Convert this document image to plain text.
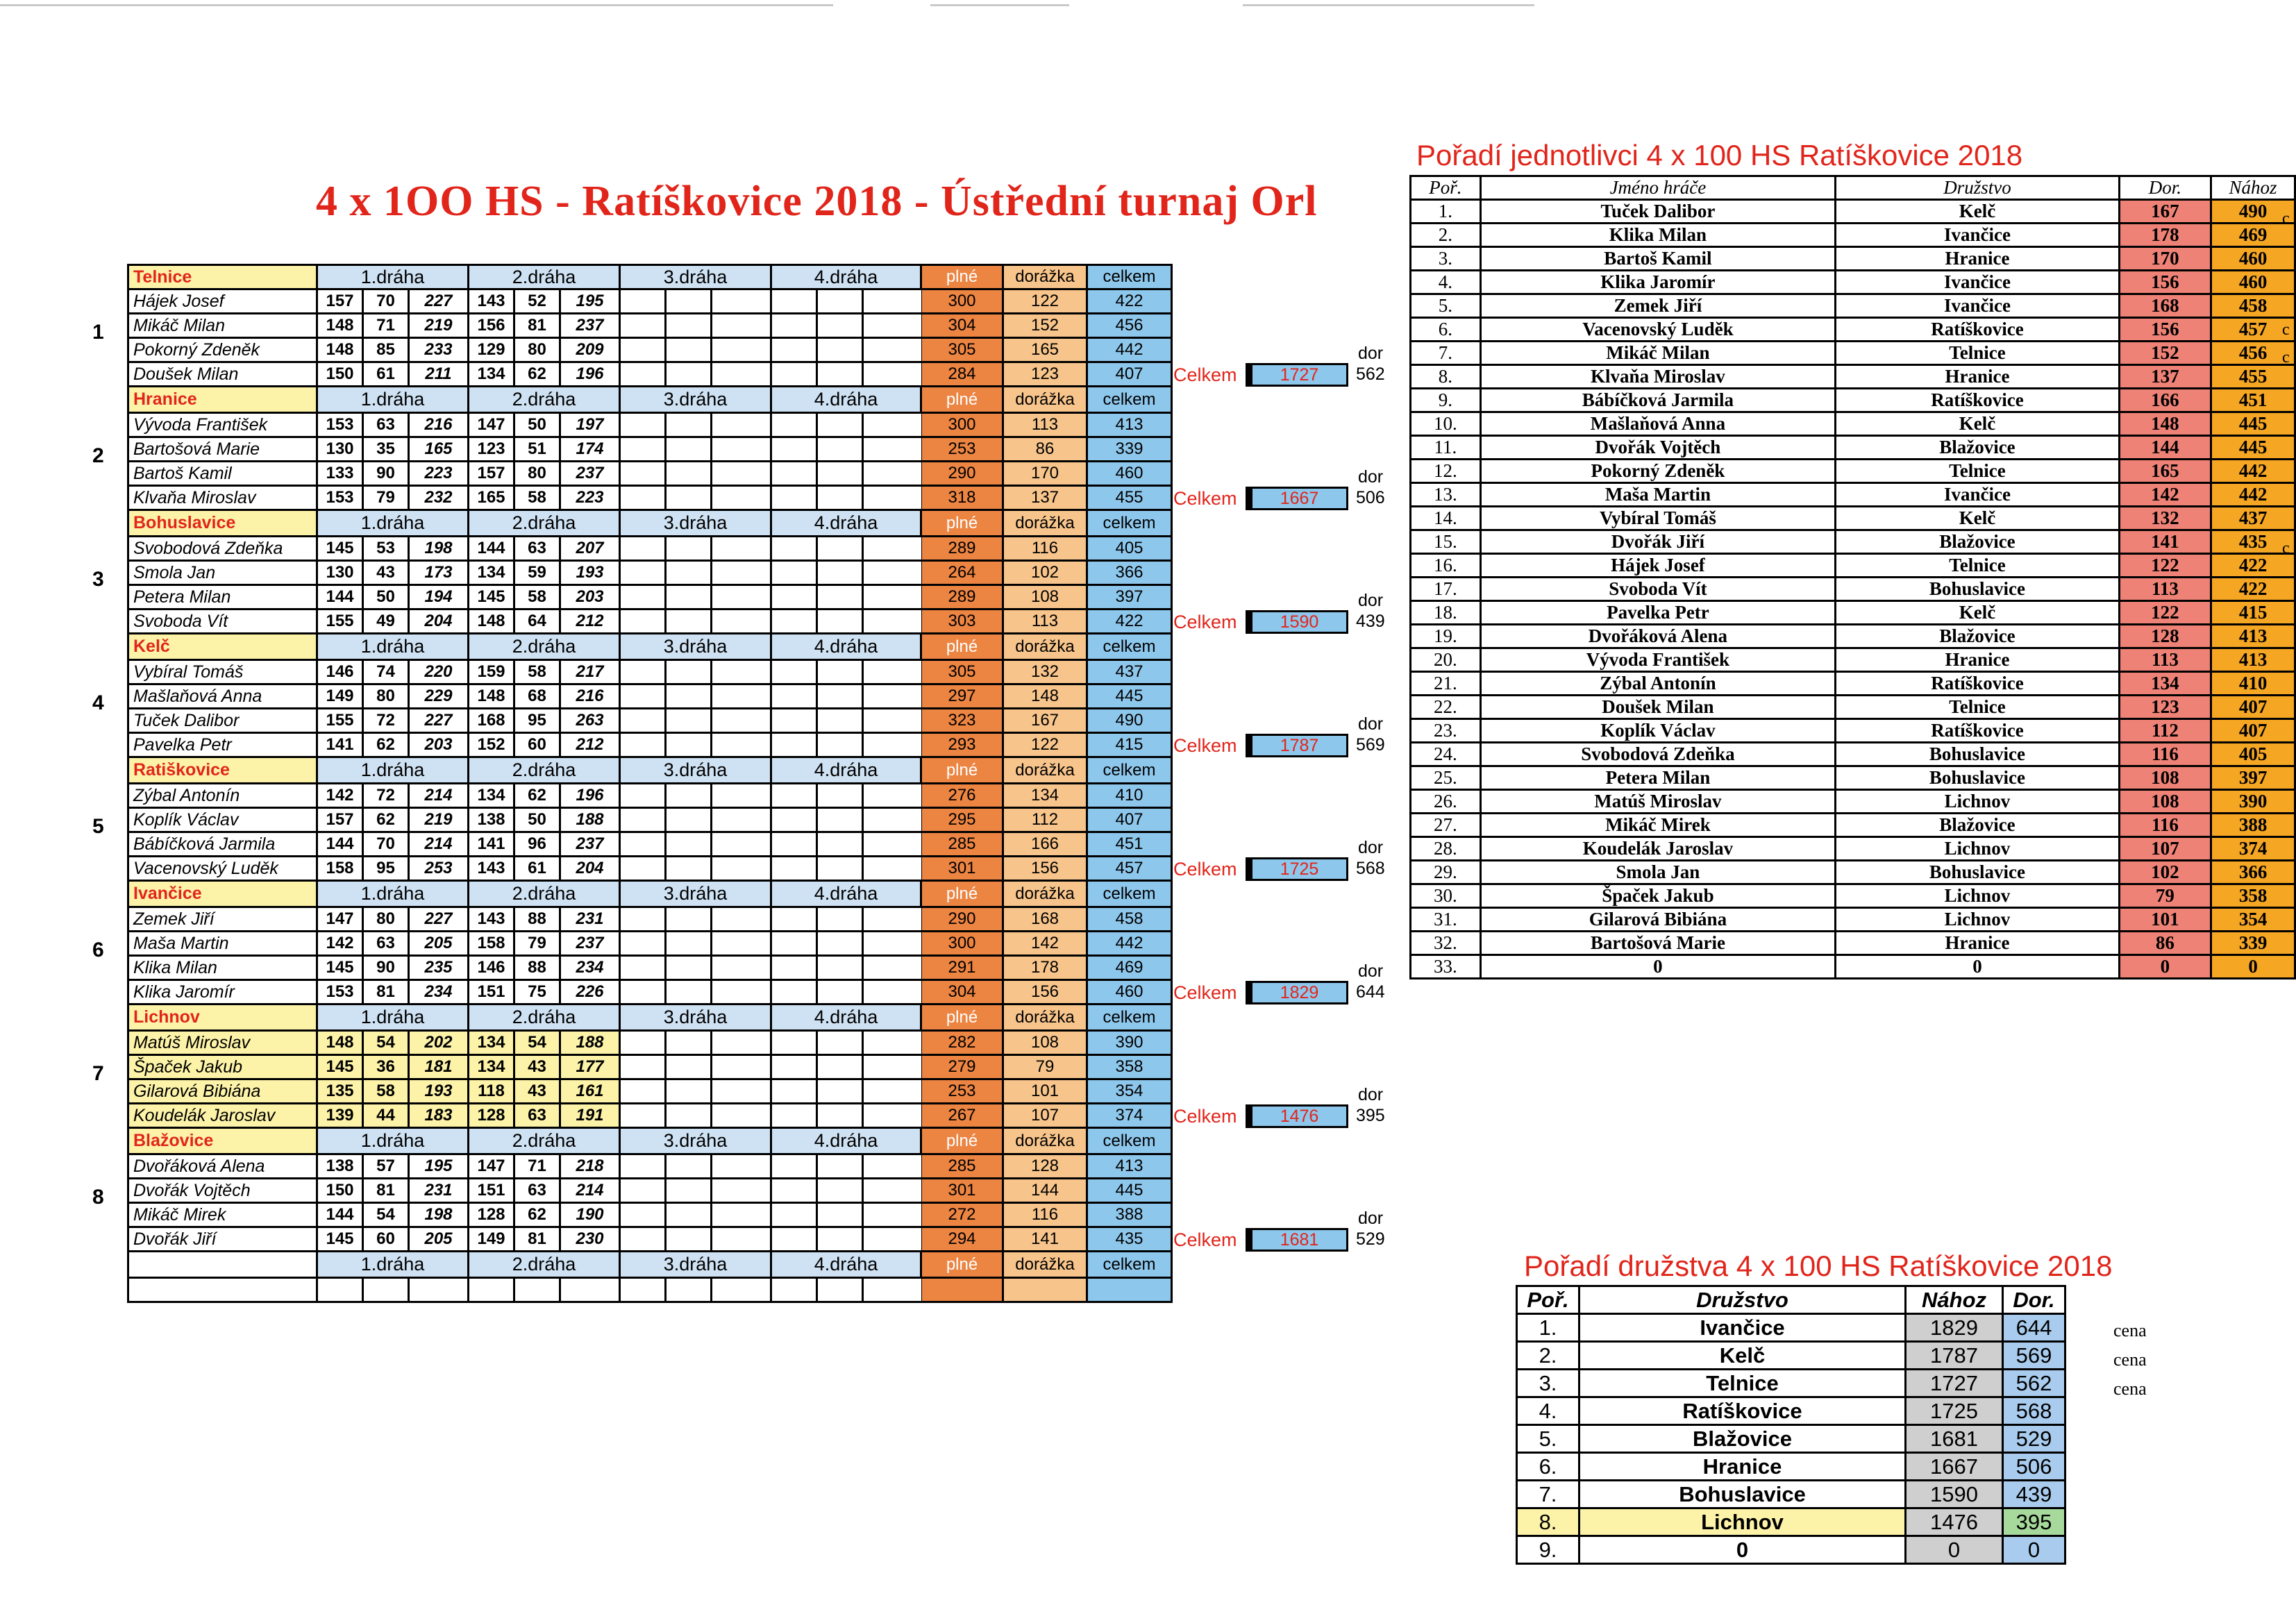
4 x 1OO HS - Ratíškovice 2018 - Ústřední turnaj Orl
Telnice	1.dráha	2.dráha	3.dráha	4.dráha	plné	dorážka	celkem
Hájek Josef	157	70	227	143	52	195	300	122	422
Mikáč Milan	148	71	219	156	81	237	304	152	456
Pokorný Zdeněk	148	85	233	129	80	209	305	165	442
Doušek Milan	150	61	211	134	62	196	284	123	407
Hranice	1.dráha	2.dráha	3.dráha	4.dráha	plné	dorážka	celkem
Vývoda František	153	63	216	147	50	197	300	113	413
Bartošová Marie	130	35	165	123	51	174	253	86	339
Bartoš Kamil	133	90	223	157	80	237	290	170	460
Klvaňa Miroslav	153	79	232	165	58	223	318	137	455
Bohuslavice	1.dráha	2.dráha	3.dráha	4.dráha	plné	dorážka	celkem
Svobodová Zdeňka	145	53	198	144	63	207	289	116	405
Smola Jan	130	43	173	134	59	193	264	102	366
Petera Milan	144	50	194	145	58	203	289	108	397
Svoboda Vít	155	49	204	148	64	212	303	113	422
Kelč	1.dráha	2.dráha	3.dráha	4.dráha	plné	dorážka	celkem
Vybíral Tomáš	146	74	220	159	58	217	305	132	437
Mašlaňová Anna	149	80	229	148	68	216	297	148	445
Tuček Dalibor	155	72	227	168	95	263	323	167	490
Pavelka Petr	141	62	203	152	60	212	293	122	415
Ratiškovice	1.dráha	2.dráha	3.dráha	4.dráha	plné	dorážka	celkem
Zýbal Antonín	142	72	214	134	62	196	276	134	410
Koplík Václav	157	62	219	138	50	188	295	112	407
Bábíčková Jarmila	144	70	214	141	96	237	285	166	451
Vacenovský Luděk	158	95	253	143	61	204	301	156	457
Ivančice	1.dráha	2.dráha	3.dráha	4.dráha	plné	dorážka	celkem
Zemek Jiří	147	80	227	143	88	231	290	168	458
Maša Martin	142	63	205	158	79	237	300	142	442
Klika Milan	145	90	235	146	88	234	291	178	469
Klika Jaromír	153	81	234	151	75	226	304	156	460
Lichnov	1.dráha	2.dráha	3.dráha	4.dráha	plné	dorážka	celkem
Matúš Miroslav	148	54	202	134	54	188	282	108	390
Špaček Jakub	145	36	181	134	43	177	279	79	358
Gilarová Bibiána	135	58	193	118	43	161	253	101	354
Koudelák Jaroslav	139	44	183	128	63	191	267	107	374
Blažovice	1.dráha	2.dráha	3.dráha	4.dráha	plné	dorážka	celkem
Dvořáková Alena	138	57	195	147	71	218	285	128	413
Dvořák Vojtěch	150	81	231	151	63	214	301	144	445
Mikáč Mirek	144	54	198	128	62	190	272	116	388
Dvořák Jiří	145	60	205	149	81	230	294	141	435
1.dráha	2.dráha	3.dráha	4.dráha	plné	dorážka	celkem
Pořadí jednotlivci 4 x 100 HS Ratíškovice 2018
Poř.	Jméno hráče	Družstvo	Dor.	Nához
1.	Tuček Dalibor	Kelč	167	490
2.	Klika Milan	Ivančice	178	469
3.	Bartoš Kamil	Hranice	170	460
4.	Klika Jaromír	Ivančice	156	460
5.	Zemek Jiří	Ivančice	168	458
6.	Vacenovský Luděk	Ratíškovice	156	457
7.	Mikáč Milan	Telnice	152	456
8.	Klvaňa Miroslav	Hranice	137	455
9.	Bábíčková Jarmila	Ratíškovice	166	451
10.	Mašlaňová Anna	Kelč	148	445
11.	Dvořák Vojtěch	Blažovice	144	445
12.	Pokorný Zdeněk	Telnice	165	442
13.	Maša Martin	Ivančice	142	442
14.	Vybíral Tomáš	Kelč	132	437
15.	Dvořák Jiří	Blažovice	141	435
16.	Hájek Josef	Telnice	122	422
17.	Svoboda Vít	Bohuslavice	113	422
18.	Pavelka Petr	Kelč	122	415
19.	Dvořáková Alena	Blažovice	128	413
20.	Vývoda František	Hranice	113	413
21.	Zýbal Antonín	Ratíškovice	134	410
22.	Doušek Milan	Telnice	123	407
23.	Koplík Václav	Ratíškovice	112	407
24.	Svobodová Zdeňka	Bohuslavice	116	405
25.	Petera Milan	Bohuslavice	108	397
26.	Matúš Miroslav	Lichnov	108	390
27.	Mikáč Mirek	Blažovice	116	388
28.	Koudelák Jaroslav	Lichnov	107	374
29.	Smola Jan	Bohuslavice	102	366
30.	Špaček Jakub	Lichnov	79	358
31.	Gilarová Bibiána	Lichnov	101	354
32.	Bartošová Marie	Hranice	86	339
33.	0	0	0	0
c
c
c
c
Pořadí družstva 4 x 100 HS Ratíškovice 2018
Poř.	Družstvo	Nához	Dor.
1.	Ivančice	1829	644
2.	Kelč	1787	569
3.	Telnice	1727	562
4.	Ratíškovice	1725	568
5.	Blažovice	1681	529
6.	Hranice	1667	506
7.	Bohuslavice	1590	439
8.	Lichnov	1476	395
9.	0	0	0
cena
cena
cena
1
Celkem	1727
dor
562
2
Celkem	1667
dor
506
3
Celkem	1590
dor
439
4
Celkem	1787
dor
569
5
Celkem	1725
dor
568
6
Celkem	1829
dor
644
7
Celkem	1476
dor
395
8
Celkem	1681
dor
529
